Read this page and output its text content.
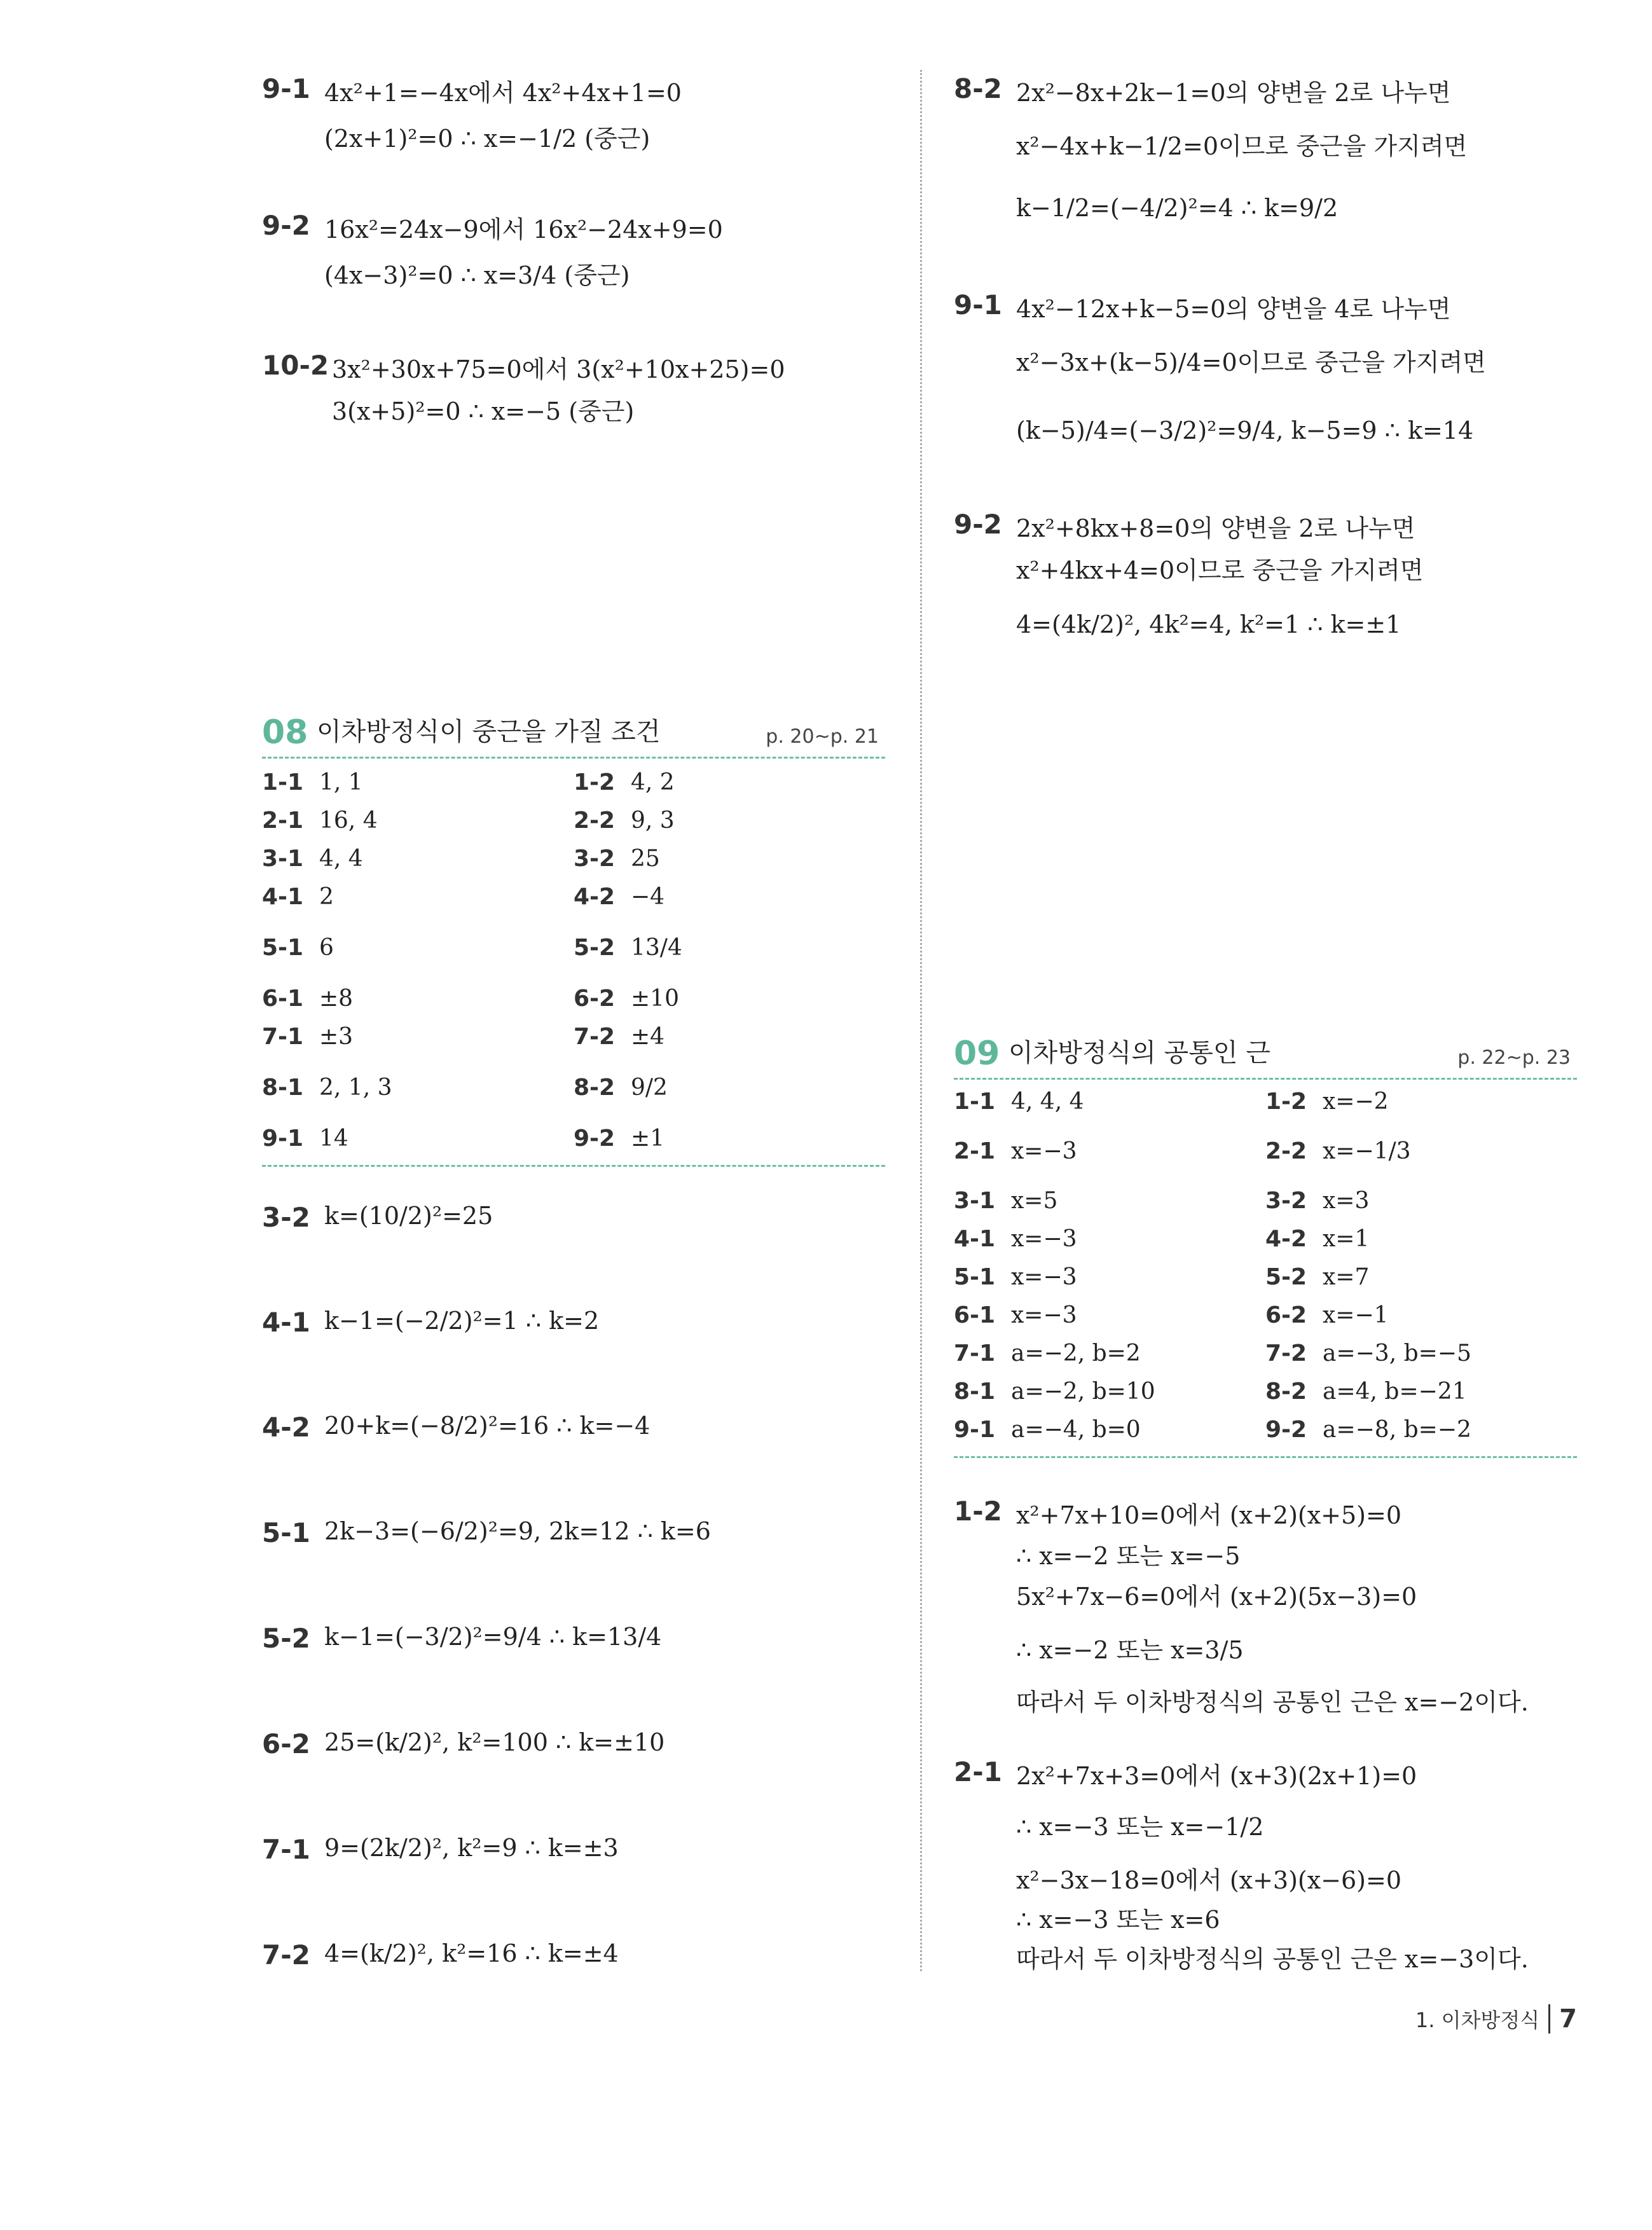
9-1 4x²+1=−4x에서 4x²+4x+1=0
(2x+1)²=0 ∴ x=−1/2 (중근)
9-2 16x²=24x−9에서 16x²−24x+9=0
(4x−3)²=0 ∴ x=3/4 (중근)
10-2 3x²+30x+75=0에서 3(x²+10x+25)=0
3(x+5)²=0 ∴ x=−5 (중근)
08 이차방정식이 중근을 가질 조건	p. 20~p. 21
1-1 1, 1	1-2 4, 2
2-1 16, 4	2-2 9, 3
3-1 4, 4	3-2 25
4-1 2	4-2 −4
5-1 6	5-2 13/4
6-1 ±8	6-2 ±10
7-1 ±3	7-2 ±4
8-1 2, 1, 3	8-2 9/2
9-1 14	9-2 ±1
3-2 k=(10/2)²=25
4-1 k−1=(−2/2)²=1 ∴ k=2
4-2 20+k=(−8/2)²=16 ∴ k=−4
5-1 2k−3=(−6/2)²=9, 2k=12 ∴ k=6
5-2 k−1=(−3/2)²=9/4 ∴ k=13/4
6-2 25=(k/2)², k²=100 ∴ k=±10
7-1 9=(2k/2)², k²=9 ∴ k=±3
7-2 4=(k/2)², k²=16 ∴ k=±4
8-2 2x²−8x+2k−1=0의 양변을 2로 나누면
x²−4x+k−1/2=0이므로 중근을 가지려면
k−1/2=(−4/2)²=4 ∴ k=9/2
9-1 4x²−12x+k−5=0의 양변을 4로 나누면
x²−3x+(k−5)/4=0이므로 중근을 가지려면
(k−5)/4=(−3/2)²=9/4, k−5=9 ∴ k=14
9-2 2x²+8kx+8=0의 양변을 2로 나누면
x²+4kx+4=0이므로 중근을 가지려면
4=(4k/2)², 4k²=4, k²=1 ∴ k=±1
09 이차방정식의 공통인 근	p. 22~p. 23
1-1 4, 4, 4	1-2 x=−2
2-1 x=−3	2-2 x=−1/3
3-1 x=5	3-2 x=3
4-1 x=−3	4-2 x=1
5-1 x=−3	5-2 x=7
6-1 x=−3	6-2 x=−1
7-1 a=−2, b=2	7-2 a=−3, b=−5
8-1 a=−2, b=10	8-2 a=4, b=−21
9-1 a=−4, b=0	9-2 a=−8, b=−2
1-2 x²+7x+10=0에서 (x+2)(x+5)=0
∴ x=−2 또는 x=−5
5x²+7x−6=0에서 (x+2)(5x−3)=0
∴ x=−2 또는 x=3/5
따라서 두 이차방정식의 공통인 근은 x=−2이다.
2-1 2x²+7x+3=0에서 (x+3)(2x+1)=0
∴ x=−3 또는 x=−1/2
x²−3x−18=0에서 (x+3)(x−6)=0
∴ x=−3 또는 x=6
따라서 두 이차방정식의 공통인 근은 x=−3이다.
1. 이차방정식 7
